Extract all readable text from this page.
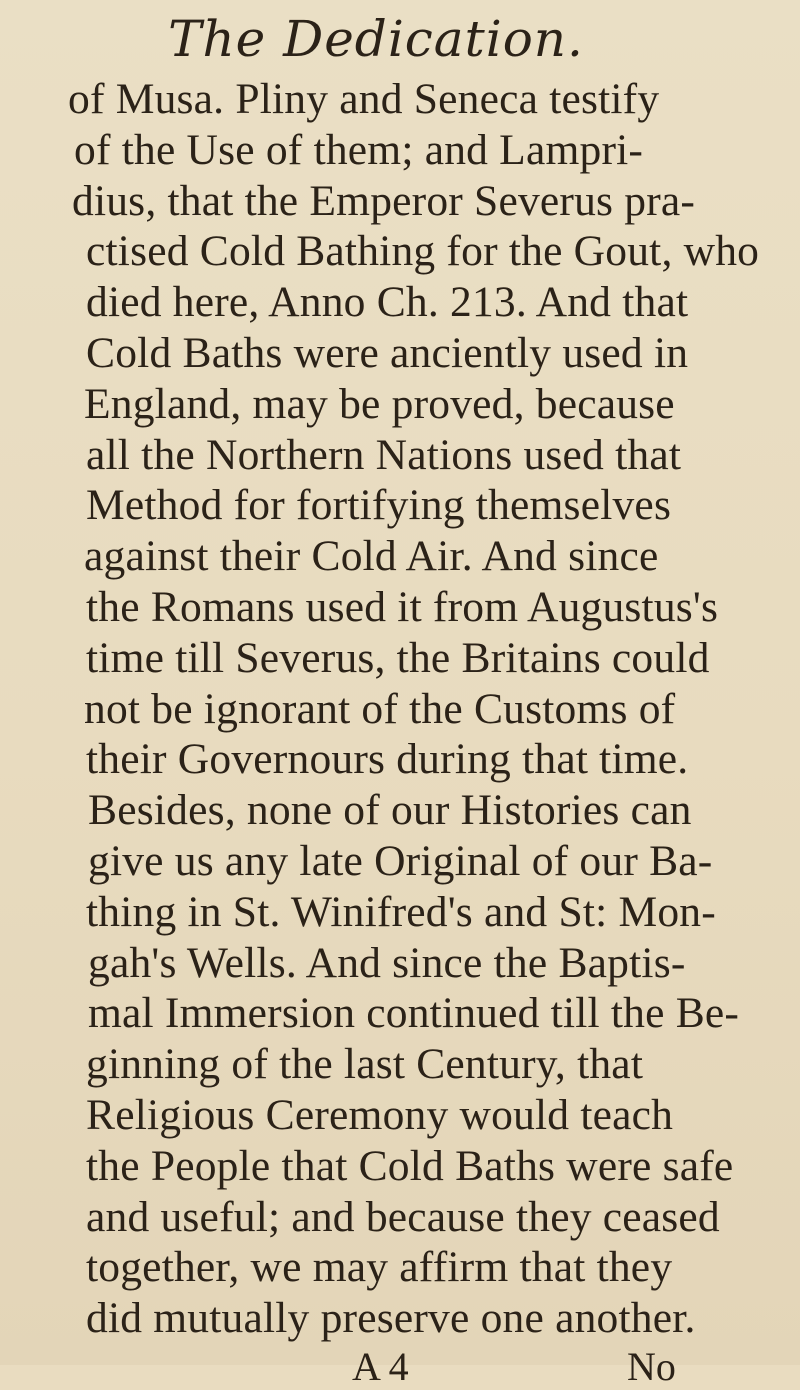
The Dedication.
of Musa. Pliny and Seneca testify
of the Use of them; and Lampri-
dius, that the Emperor Severus pra-
ctised Cold Bathing for the Gout, who
died here, Anno Ch. 213. And that
Cold Baths were anciently used in
England, may be proved, because
all the Northern Nations used that
Method for fortifying themselves
against their Cold Air. And since
the Romans used it from Augustus's
time till Severus, the Britains could
not be ignorant of the Customs of
their Governours during that time.
Besides, none of our Histories can
give us any late Original of our Ba-
thing in St. Winifred's and St: Mon-
gah's Wells. And since the Baptis-
mal Immersion continued till the Be-
ginning of the last Century, that
Religious Ceremony would teach
the People that Cold Baths were safe
and useful; and because they ceased
together, we may affirm that they
did mutually preserve one another.
A 4	No
